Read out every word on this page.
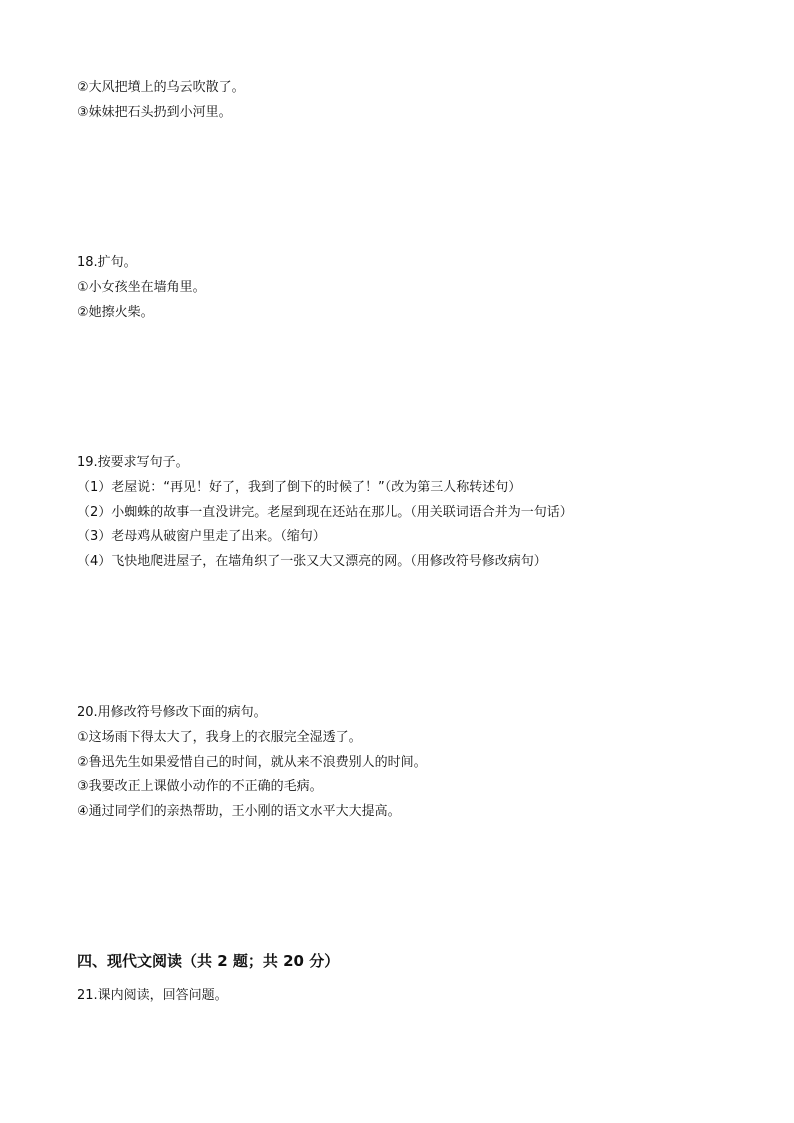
②大风把墳上的乌云吹散了。
③妹妹把石头扔到小河里。
18.扩句。
①小女孩坐在墙角里。
②她擦火柴。
19.按要求写句子。
（1）老屋说：“再见！好了，我到了倒下的时候了！”（改为第三人称转述句）
（2）小蜘蛛的故事一直没讲完。老屋到现在还站在那儿。（用关联词语合并为一句话）
（3）老母鸡从破窗户里走了出来。（缩句）
（4）飞快地爬进屋子，在墙角织了一张又大又漂亮的网。（用修改符号修改病句）
20.用修改符号修改下面的病句。
①这场雨下得太大了，我身上的衣服完全湿透了。
②鲁迅先生如果爱惜自己的时间，就从来不浪费别人的时间。
③我要改正上课做小动作的不正确的毛病。
④通过同学们的亲热帮助，王小刚的语文水平大大提高。
四、现代文阅读（共 2 题；共 20 分）
21.课内阅读，回答问题。
